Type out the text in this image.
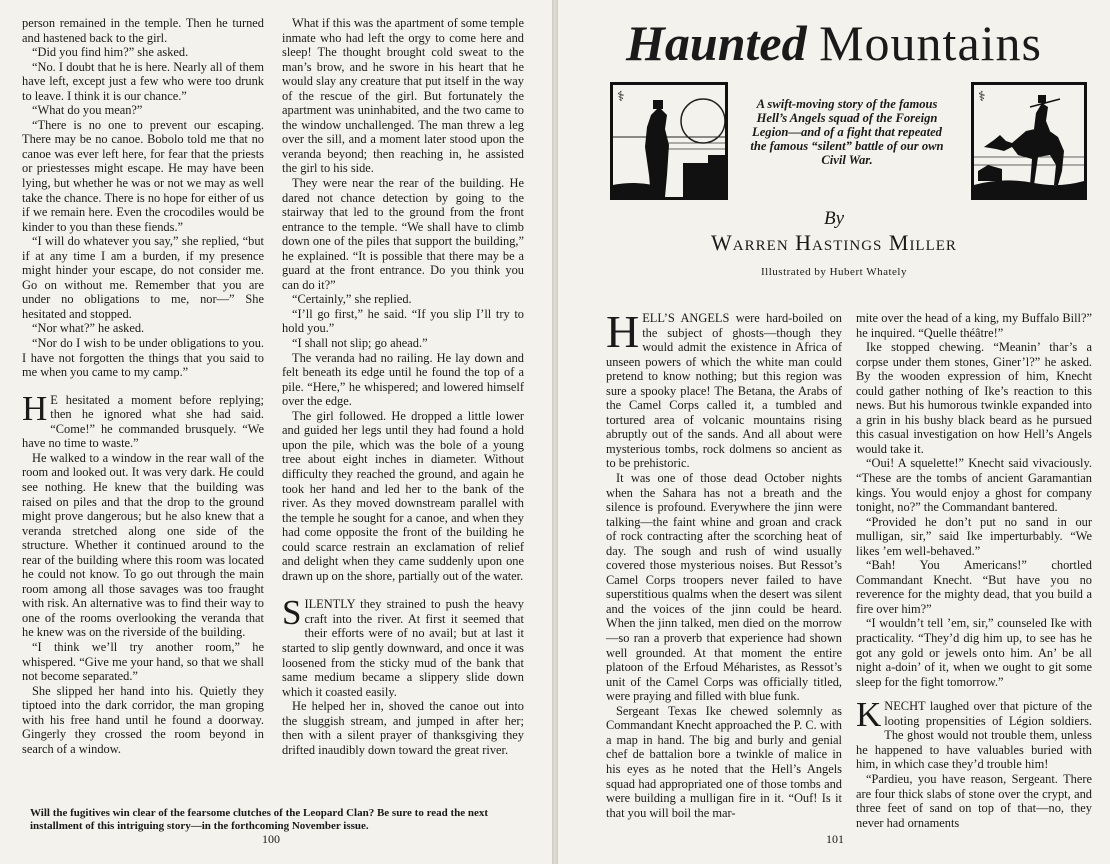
person remained in the temple. Then he turned and hastened back to the girl.

“Did you find him?” she asked.

“No. I doubt that he is here. Nearly all of them have left, except just a few who were too drunk to leave. I think it is our chance.”

“What do you mean?”

“There is no one to prevent our escaping. There may be no canoe. Bobolo told me that no canoe was ever left here, for fear that the priests or priestesses might escape. He may have been lying, but whether he was or not we may as well take the chance. There is no hope for either of us if we remain here. Even the crocodiles would be kinder to you than these fiends.”

“I will do whatever you say,” she replied, “but if at any time I am a burden, if my presence might hinder your escape, do not consider me. Go on without me. Remember that you are under no obligations to me, nor—” She hesitated and stopped.

“Nor what?” he asked.

“Nor do I wish to be under obligations to you. I have not forgotten the things that you said to me when you came to my camp.”

H E hesitated a moment before replying; then he ignored what she had said. “Come!” he commanded brusquely. “We have no time to waste.”

He walked to a window in the rear wall of the room and looked out. It was very dark. He could see nothing. He knew that the building was raised on piles and that the drop to the ground might prove dangerous; but he also knew that a veranda stretched along one side of the structure. Whether it continued around to the rear of the building where this room was located he could not know. To go out through the main room among all those savages was too fraught with risk. An alternative was to find their way to one of the rooms overlooking the veranda that he knew was on the riverside of the building.

“I think we’ll try another room,” he whispered. “Give me your hand, so that we shall not become separated.”

She slipped her hand into his. Quietly they tiptoed into the dark corridor, the man groping with his free hand until he found a doorway. Gingerly they crossed the room beyond in search of a window.

What if this was the apartment of some temple inmate who had left the orgy to come here and sleep! The thought brought cold sweat to the man’s brow, and he swore in his heart that he would slay any creature that put itself in the way of the rescue of the girl. But fortunately the apartment was uninhabited, and the two came to the window unchallenged. The man threw a leg over the sill, and a moment later stood upon the veranda beyond; then reaching in, he assisted the girl to his side.

They were near the rear of the building. He dared not chance detection by going to the stairway that led to the ground from the front entrance to the temple. “We shall have to climb down one of the piles that support the building,” he explained. “It is possible that there may be a guard at the front entrance. Do you think you can do it?”

“Certainly,” she replied.

“I’ll go first,” he said. “If you slip I’ll try to hold you.”

“I shall not slip; go ahead.”

The veranda had no railing. He lay down and felt beneath its edge until he found the top of a pile. “Here,” he whispered; and lowered himself over the edge.

The girl followed. He dropped a little lower and guided her legs until they had found a hold upon the pile, which was the bole of a young tree about eight inches in diameter. Without difficulty they reached the ground, and again he took her hand and led her to the bank of the river. As they moved downstream parallel with the temple he sought for a canoe, and when they had come opposite the front of the building he could scarce restrain an exclamation of relief and delight when they came suddenly upon one drawn up on the shore, partially out of the water.

SILENTLY they strained to push the heavy craft into the river. At first it seemed that their efforts were of no avail; but at last it started to slip gently downward, and once it was loosened from the sticky mud of the bank that same medium became a slippery slide down which it coasted easily.

He helped her in, shoved the canoe out into the sluggish stream, and jumped in after her; then with a silent prayer of thanksgiving they drifted inaudibly down toward the great river.

Will the fugitives win clear of the fearsome clutches of the Leopard Clan? Be sure to read the next installment of this intriguing story—in the forthcoming November issue.
100
Haunted Mountains
⚕	A swift-moving story of the famous Hell’s Angels squad of the Foreign Legion—and of a fight that repeated the famous “silent” battle of our own Civil War.
⚕
By
Warren Hastings Miller
Illustrated by Hubert Whately

HELL’S ANGELS were hard-boiled on the subject of ghosts—though they would admit the existence in Africa of unseen powers of which the white man could pretend to know nothing; but this region was sure a spooky place! The Betana, the Arabs of the Camel Corps called it, a tumbled and tortured area of volcanic mountains rising abruptly out of the sands. And all about were mysterious tombs, rock dolmens so ancient as to be prehistoric.

It was one of those dead October nights when the Sahara has not a breath and the silence is profound. Everywhere the jinn were talking—the faint whine and groan and crack of rock contracting after the scorching heat of day. The sough and rush of wind usually covered those mysterious noises. But Ressot’s Camel Corps troopers never failed to have superstitious qualms when the desert was silent and the voices of the jinn could be heard. When the jinn talked, men died on the morrow—so ran a proverb that experience had shown well grounded. At that moment the entire platoon of the Erfoud Méharistes, as Ressot’s unit of the Camel Corps was officially titled, were praying and filled with blue funk.

Sergeant Texas Ike chewed solemnly as Commandant Knecht approached the P. C. with a map in hand. The big and burly and genial chef de battalion bore a twinkle of malice in his eyes as he noted that the Hell’s Angels squad had appropriated one of those tombs and were building a mulligan fire in it. “Ouf! Is it that you will boil the mar-

mite over the head of a king, my Buffalo Bill?” he inquired. “Quelle théâtre!”

Ike stopped chewing. “Meanin’ thar’s a corpse under them stones, Giner’l?” he asked. By the wooden expression of him, Knecht could gather nothing of Ike’s reaction to this news. But his humorous twinkle expanded into a grin in his bushy black beard as he pursued this casual investigation on how Hell’s Angels would take it.

“Oui! A squelette!” Knecht said vivaciously. “These are the tombs of ancient Garamantian kings. You would enjoy a ghost for company tonight, no?” the Commandant bantered.

“Provided he don’t put no sand in our mulligan, sir,” said Ike imperturbably. “We likes ’em well-behaved.”

“Bah! You Americans!” chortled Commandant Knecht. “But have you no reverence for the mighty dead, that you build a fire over him?”

“I wouldn’t tell ’em, sir,” counseled Ike with practicality. “They’d dig him up, to see has he got any gold or jewels onto him. An’ be all night a-doin’ of it, when we ought to git some sleep for the fight tomorrow.”

KNECHT laughed over that picture of the looting propensities of Légion soldiers. The ghost would not trouble them, unless he happened to have valuables buried with him, in which case they’d trouble him!

“Pardieu, you have reason, Sergeant. There are four thick slabs of stone over the crypt, and three feet of sand on top of that—no, they never had ornaments

101
